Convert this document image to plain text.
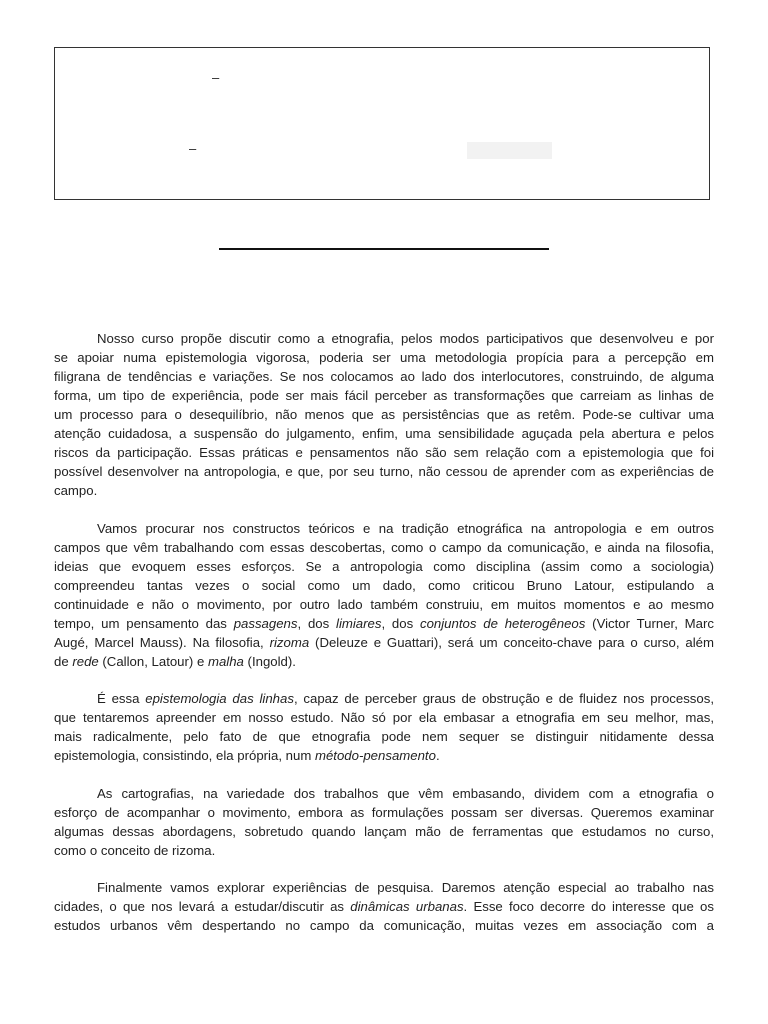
–
–
Nosso curso propõe discutir como a etnografia, pelos modos participativos que desenvolveu e por
se apoiar numa epistemologia vigorosa, poderia ser uma metodologia propícia para a percepção em
filigrana de tendências e variações. Se nos colocamos ao lado dos interlocutores, construindo, de alguma
forma, um tipo de experiência, pode ser mais fácil perceber as transformações que carreiam as linhas de
um processo para o desequilíbrio, não menos que as persistências que as retêm. Pode-se cultivar uma
atenção cuidadosa, a suspensão do julgamento, enfim, uma sensibilidade aguçada pela abertura e pelos
riscos da participação. Essas práticas e pensamentos não são sem relação com a epistemologia que foi
possível desenvolver na antropologia, e que, por seu turno, não cessou de aprender com as experiências de
campo.
Vamos procurar nos constructos teóricos e na tradição etnográfica na antropologia e em outros
campos que vêm trabalhando com essas descobertas, como o campo da comunicação, e ainda na filosofia,
ideias que evoquem esses esforços. Se a antropologia como disciplina (assim como a sociologia)
compreendeu tantas vezes o social como um dado, como criticou Bruno Latour, estipulando a
continuidade e não o movimento, por outro lado também construiu, em muitos momentos e ao mesmo
tempo, um pensamento das passagens, dos limiares, dos conjuntos de heterogêneos (Victor Turner, Marc
Augé, Marcel Mauss). Na filosofia, rizoma (Deleuze e Guattari), será um conceito-chave para o curso, além
de rede (Callon, Latour) e malha (Ingold).
É essa epistemologia das linhas, capaz de perceber graus de obstrução e de fluidez nos processos,
que tentaremos apreender em nosso estudo. Não só por ela embasar a etnografia em seu melhor, mas,
mais radicalmente, pelo fato de que etnografia pode nem sequer se distinguir nitidamente dessa
epistemologia, consistindo, ela própria, num método-pensamento.
As cartografias, na variedade dos trabalhos que vêm embasando, dividem com a etnografia o
esforço de acompanhar o movimento, embora as formulações possam ser diversas. Queremos examinar
algumas dessas abordagens, sobretudo quando lançam mão de ferramentas que estudamos no curso,
como o conceito de rizoma.
Finalmente vamos explorar experiências de pesquisa. Daremos atenção especial ao trabalho nas
cidades, o que nos levará a estudar/discutir as dinâmicas urbanas. Esse foco decorre do interesse que os
estudos urbanos vêm despertando no campo da comunicação, muitas vezes em associação com a
